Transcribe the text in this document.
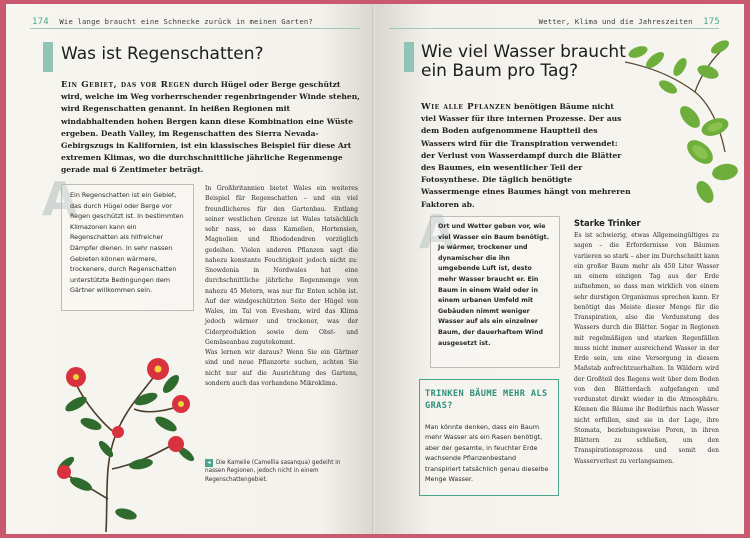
174 Wie lange braucht eine Schnecke zurück in meinen Garten?
Was ist Regenschatten?
Ein Gebiet, das vor Regen durch Hügel oder Berge geschützt wird, welche im Weg vorherrschender regenbringender Winde stehen, wird Regenschatten genannt. In heißen Regionen mit windabhaltenden hohen Bergen kann diese Kombination eine Wüste ergeben. Death Valley, im Regenschatten des Sierra Nevada-Gebirgszugs in Kalifornien, ist ein klassisches Beispiel für diese Art extremen Klimas, wo die durchschnittliche jährliche Regenmenge gerade mal 6 Zentimeter beträgt.
A
Ein Regenschatten ist ein Gebiet, das durch Hügel oder Berge vor Regen geschützt ist. In bestimmten Klimazonen kann ein Regenschatten als hilfreicher Dämpfer dienen. In sehr nassen Gebieten können wärmere, trockenere, durch Regenschatten unterstützte Bedingungen dem Gärtner willkommen sein.
In Großbritannien bietet Wales ein weiteres Beispiel für Regenschatten – und ein viel freundlicheres für den Gartenbau. Entlang seiner westlichen Grenze ist Wales tatsächlich sehr nass, so dass Kamelien, Hortensien, Magnolien und Rhododendren vorzüglich gedeihen. Vielen anderen Pflanzen sagt die nahezu konstante Feuchtigkeit jedoch nicht zu: Snowdonia in Nordwales hat eine durchschnittliche jährliche Regenmenge von nahezu 45 Metern, was nur für Enten schön ist. Auf der windgeschützten Seite der Hügel von Wales, im Tal von Evesham, wird das Klima jedoch wärmer und trockener, was der Ciderproduktion sowie dem Obst- und Gemüseanbau zugutekommt.
Was lernen wir daraus? Wenn Sie ein Gärtner sind und neue Pflanzorte suchen, achten Sie nicht nur auf die Ausrichtung des Gartens, sondern auch das vorhandene Mikroklima.
◂ Die Kamelie (Camellia sasanqua) gedeiht in nassen Regionen, jedoch nicht in einem Regenschattengebiet.
Wetter, Klima und die Jahreszeiten 175
Wie viel Wasser braucht
ein Baum pro Tag?
Wie alle Pflanzen benötigen Bäume nicht viel Wasser für ihre internen Prozesse. Der aus dem Boden aufgenommene Hauptteil des Wassers wird für die Transpiration verwendet: der Verlust von Wasserdampf durch die Blätter des Baumes, ein wesentlicher Teil der Fotosynthese. Die täglich benötigte Wassermenge eines Baumes hängt von mehreren Faktoren ab.
A
Ort und Wetter geben vor, wie viel Wasser ein Baum benötigt. Je wärmer, trockener und dynamischer die ihn umgebende Luft ist, desto mehr Wasser braucht er. Ein Baum in einem Wald oder in einem urbanen Umfeld mit Gebäuden nimmt weniger Wasser auf als ein einzelner Baum, der dauerhaftem Wind ausgesetzt ist.
TRINKEN BÄUME MEHR ALS GRAS?
Man könnte denken, dass ein Baum mehr Wasser als ein Rasen benötigt, aber der gesamte, in feuchter Erde wachsende Pflanzenbestand transpiriert tatsächlich genau dieselbe Menge Wasser.
Starke Trinker
Es ist schwierig, etwas Allgemeingültiges zu sagen – die Erfordernisse von Bäumen variieren so stark – aber im Durchschnitt kann ein großer Baum mehr als 450 Liter Wasser an einem einzigen Tag aus der Erde aufnehmen, so dass man wirklich von einem sehr durstigen Organismus sprechen kann. Er benötigt das Meiste dieser Menge für die Transpiration, also die Verdunstung des Wassers durch die Blätter. Sogar in Regionen mit regelmäßigen und starken Regenfällen muss nicht immer ausreichend Wasser in der Erde sein, um eine Versorgung in diesem Maßstab aufrechtzuerhalten. In Wäldern wird der Großteil des Regens weit über dem Boden von den Blätterdach aufgefangen und verdunstet direkt wieder in die Atmosphäre. Können die Bäume ihr Bedürfnis nach Wasser nicht erfüllen, sind sie in der Lage, ihre Stomata, beziehungsweise Poren, in ihren Blättern zu schließen, um den Transpirationsprozess und somit den Wasserverlust zu verlangsamen.
